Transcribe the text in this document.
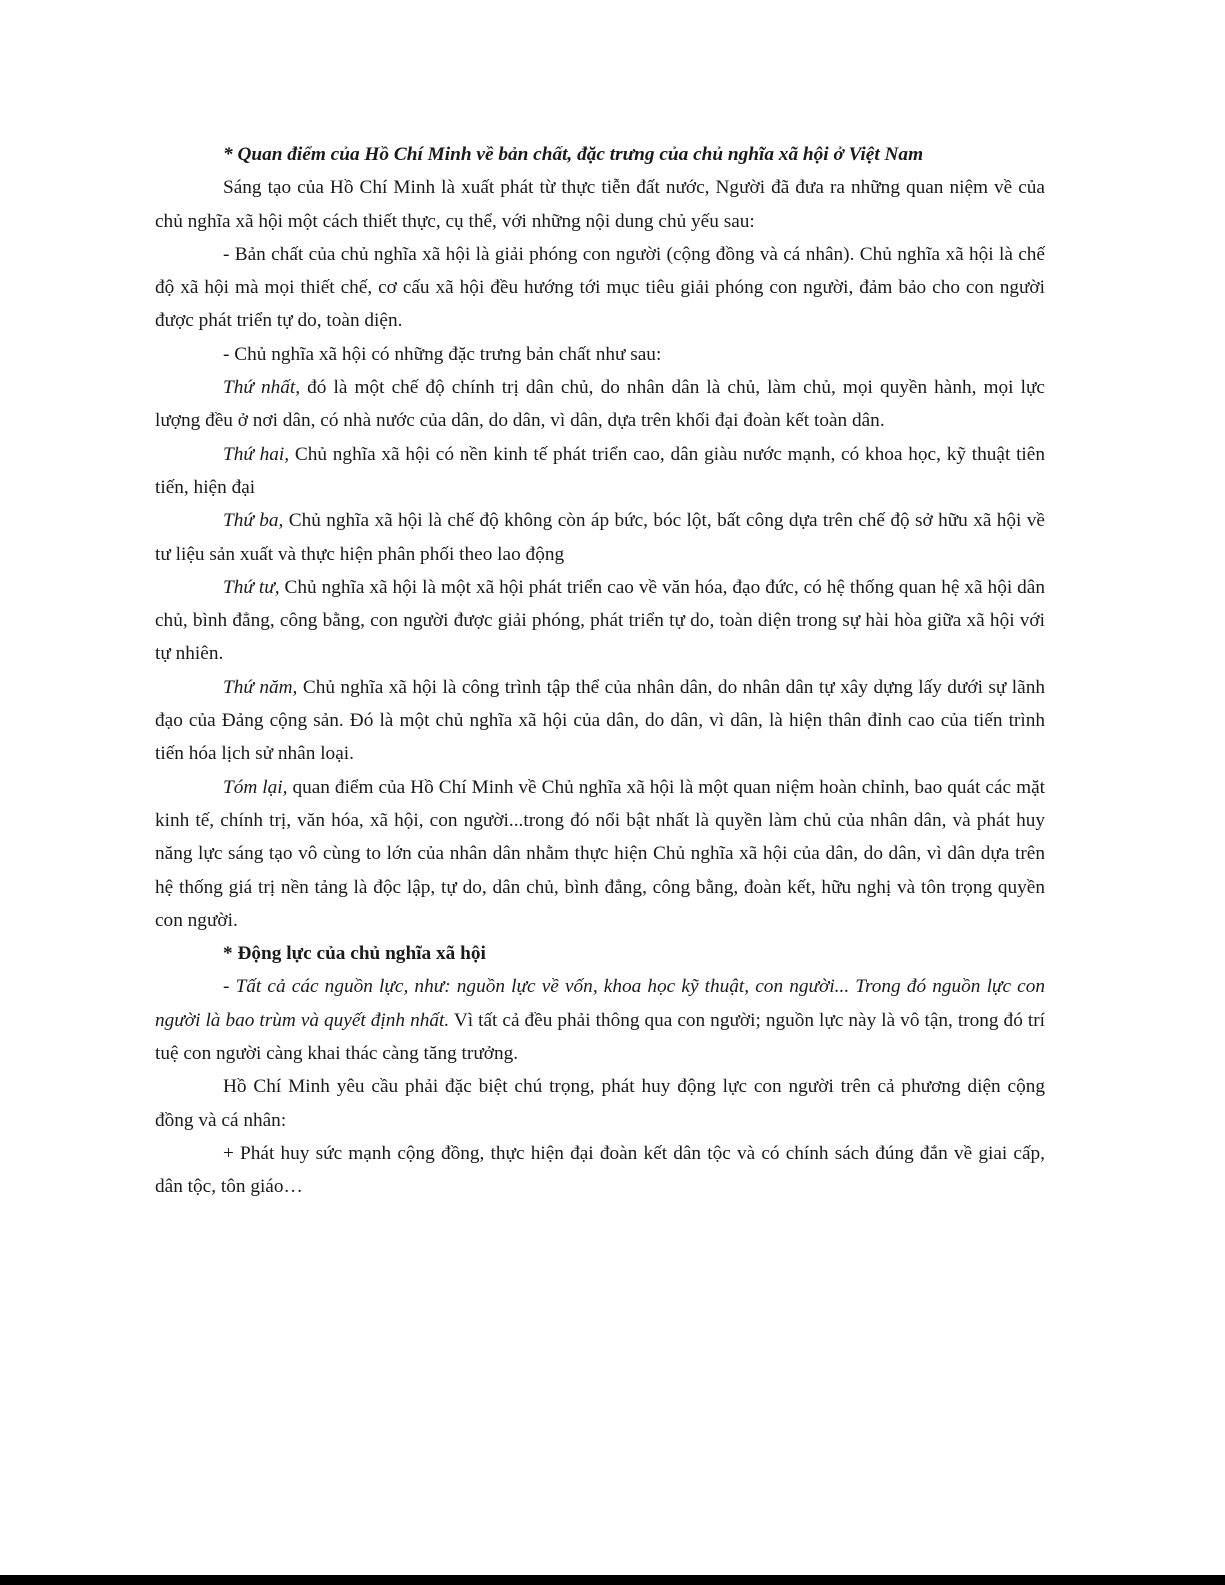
* Quan điểm của Hồ Chí Minh về bản chất, đặc trưng của chủ nghĩa xã hội ở Việt Nam

Sáng tạo của Hồ Chí Minh là xuất phát từ thực tiễn đất nước, Người đã đưa ra những quan niệm về của chủ nghĩa xã hội một cách thiết thực, cụ thể, với những nội dung chủ yếu sau:

- Bản chất của chủ nghĩa xã hội là giải phóng con người (cộng đồng và cá nhân). Chủ nghĩa xã hội là chế độ xã hội mà mọi thiết chế, cơ cấu xã hội đều hướng tới mục tiêu giải phóng con người, đảm bảo cho con người được phát triển tự do, toàn diện.

- Chủ nghĩa xã hội có những đặc trưng bản chất như sau:

Thứ nhất, đó là một chế độ chính trị dân chủ, do nhân dân là chủ, làm chủ, mọi quyền hành, mọi lực lượng đều ở nơi dân, có nhà nước của dân, do dân, vì dân, dựa trên khối đại đoàn kết toàn dân.

Thứ hai, Chủ nghĩa xã hội có nền kinh tế phát triển cao, dân giàu nước mạnh, có khoa học, kỹ thuật tiên tiến, hiện đại

Thứ ba, Chủ nghĩa xã hội là chế độ không còn áp bức, bóc lột, bất công dựa trên chế độ sở hữu xã hội về tư liệu sản xuất và thực hiện phân phối theo lao động

Thứ tư, Chủ nghĩa xã hội là một xã hội phát triển cao về văn hóa, đạo đức, có hệ thống quan hệ xã hội dân chủ, bình đẳng, công bằng, con người được giải phóng, phát triển tự do, toàn diện trong sự hài hòa giữa xã hội với tự nhiên.

Thứ năm, Chủ nghĩa xã hội là công trình tập thể của nhân dân, do nhân dân tự xây dựng lấy dưới sự lãnh đạo của Đảng cộng sản. Đó là một chủ nghĩa xã hội của dân, do dân, vì dân, là hiện thân đỉnh cao của tiến trình tiến hóa lịch sử nhân loại.

Tóm lại, quan điểm của Hồ Chí Minh về Chủ nghĩa xã hội là một quan niệm hoàn chỉnh, bao quát các mặt kinh tế, chính trị, văn hóa, xã hội, con người...trong đó nổi bật nhất là quyền làm chủ của nhân dân, và phát huy năng lực sáng tạo vô cùng to lớn của nhân dân nhằm thực hiện Chủ nghĩa xã hội của dân, do dân, vì dân dựa trên hệ thống giá trị nền tảng là độc lập, tự do, dân chủ, bình đẳng, công bằng, đoàn kết, hữu nghị và tôn trọng quyền con người.

* Động lực của chủ nghĩa xã hội

- Tất cả các nguồn lực, như: nguồn lực về vốn, khoa học kỹ thuật, con người... Trong đó nguồn lực con người là bao trùm và quyết định nhất. Vì tất cả đều phải thông qua con người; nguồn lực này là vô tận, trong đó trí tuệ con người càng khai thác càng tăng trưởng.

Hồ Chí Minh yêu cầu phải đặc biệt chú trọng, phát huy động lực con người trên cả phương diện cộng đồng và cá nhân:

+ Phát huy sức mạnh cộng đồng, thực hiện đại đoàn kết dân tộc và có chính sách đúng đắn về giai cấp, dân tộc, tôn giáo…
